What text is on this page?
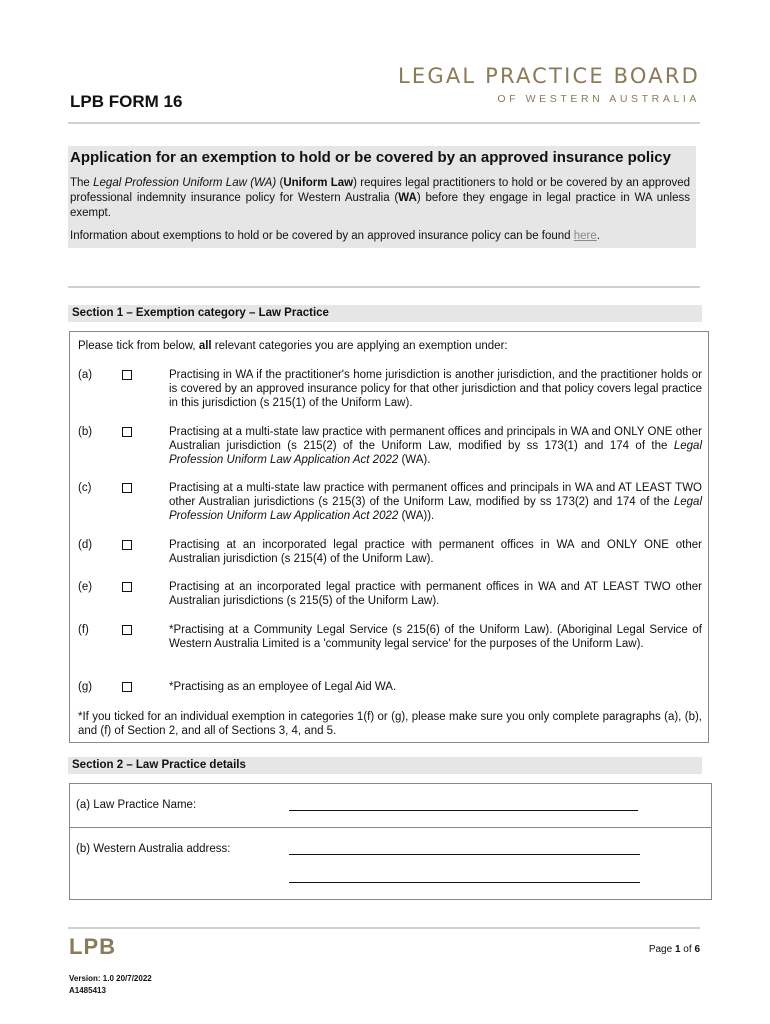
LPB FORM 16
LEGAL PRACTICE BOARD
OF WESTERN AUSTRALIA
Application for an exemption to hold or be covered by an approved insurance policy

The Legal Profession Uniform Law (WA) (Uniform Law) requires legal practitioners to hold or be covered by an approved professional indemnity insurance policy for Western Australia (WA) before they engage in legal practice in WA unless exempt.

Information about exemptions to hold or be covered by an approved insurance policy can be found here.

Section 1 – Exemption category – Law Practice
Please tick from below, all relevant categories you are applying an exemption under:
(a)	Practising in WA if the practitioner's home jurisdiction is another jurisdiction, and the practitioner holds or is covered by an approved insurance policy for that other jurisdiction and that policy covers legal practice in this jurisdiction (s 215(1) of the Uniform Law).
(b)	Practising at a multi-state law practice with permanent offices and principals in WA and ONLY ONE other Australian jurisdiction (s 215(2) of the Uniform Law, modified by ss 173(1) and 174 of the Legal Profession Uniform Law Application Act 2022 (WA).
(c)	Practising at a multi-state law practice with permanent offices and principals in WA and AT LEAST TWO other Australian jurisdictions (s 215(3) of the Uniform Law, modified by ss 173(2) and 174 of the Legal Profession Uniform Law Application Act 2022 (WA)).
(d)	Practising at an incorporated legal practice with permanent offices in WA and ONLY ONE other Australian jurisdiction (s 215(4) of the Uniform Law).
(e)	Practising at an incorporated legal practice with permanent offices in WA and AT LEAST TWO other Australian jurisdictions (s 215(5) of the Uniform Law).
(f)	*Practising at a Community Legal Service (s 215(6) of the Uniform Law). (Aboriginal Legal Service of Western Australia Limited is a 'community legal service' for the purposes of the Uniform Law).
(g)	*Practising as an employee of Legal Aid WA.
*If you ticked for an individual exemption in categories 1(f) or (g), please make sure you only complete paragraphs (a), (b), and (f) of Section 2, and all of Sections 3, 4, and 5.
Section 2 – Law Practice details
(a) Law Practice Name:
(b) Western Australia address:
LPB	Page 1 of 6
Version: 1.0 20/7/2022
A1485413
